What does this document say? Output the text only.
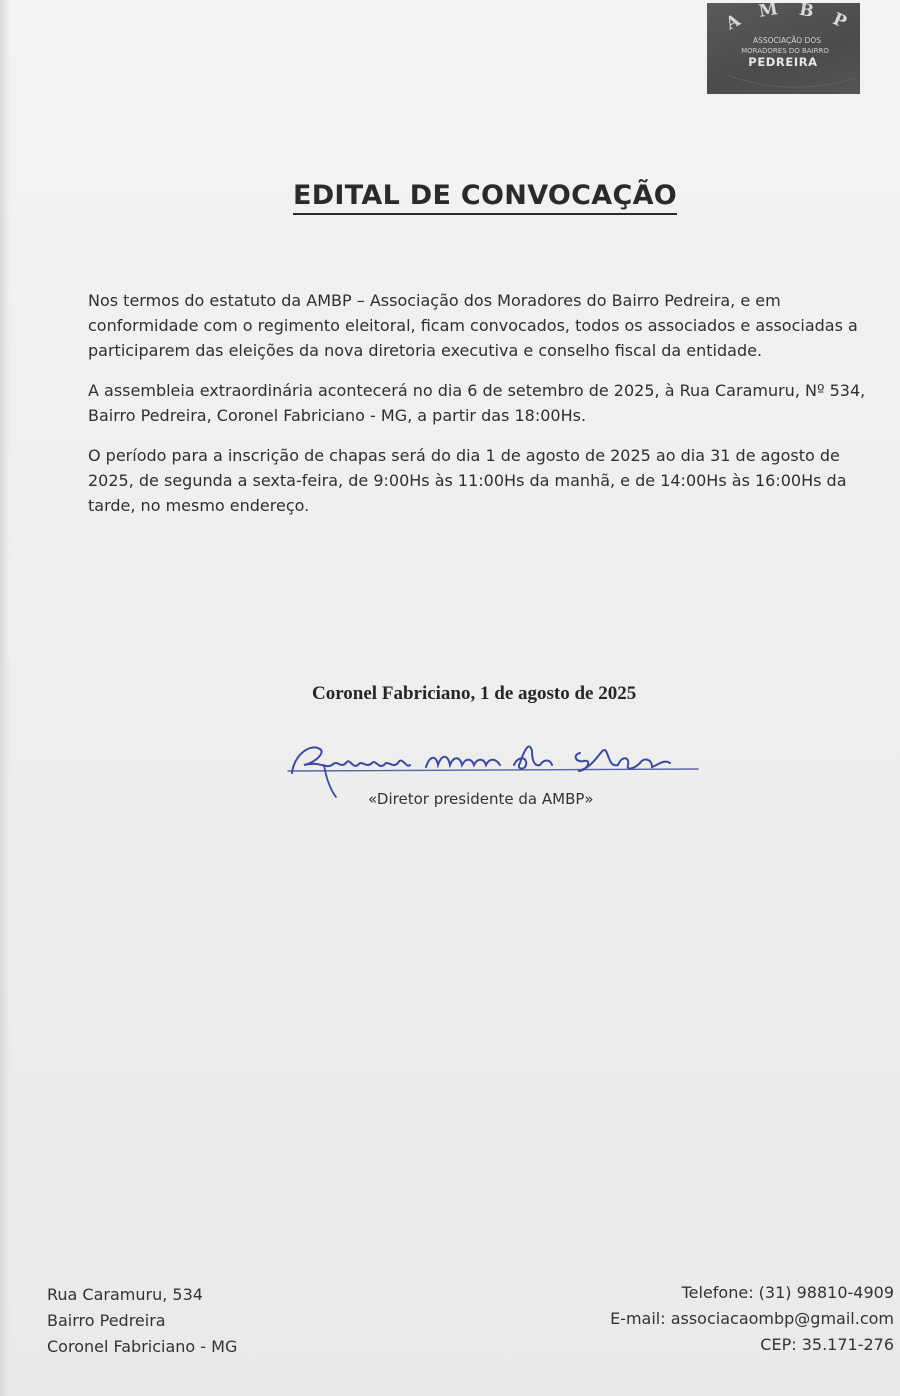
A M B P
ASSOCIAÇÃO DOS
MORADORES DO BAIRRO
PEDREIRA
EDITAL DE CONVOCAÇÃO

Nos termos do estatuto da AMBP – Associação dos Moradores do Bairro Pedreira, e em conformidade com o regimento eleitoral, ficam convocados, todos os associados e associadas a participarem das eleições da nova diretoria executiva e conselho fiscal da entidade.

A assembleia extraordinária acontecerá no dia 6 de setembro de 2025, à Rua Caramuru, Nº 534, Bairro Pedreira, Coronel Fabriciano - MG, a partir das 18:00Hs.

O período para a inscrição de chapas será do dia 1 de agosto de 2025 ao dia 31 de agosto de 2025, de segunda a sexta-feira, de 9:00Hs às 11:00Hs da manhã, e de 14:00Hs às 16:00Hs da tarde, no mesmo endereço.

Coronel Fabriciano, 1 de agosto de 2025

«Diretor presidente da AMBP»

Rua Caramuru, 534
Bairro Pedreira
Coronel Fabriciano - MG
Telefone: (31) 98810-4909
E-mail: associacaombp@gmail.com
CEP: 35.171-276
